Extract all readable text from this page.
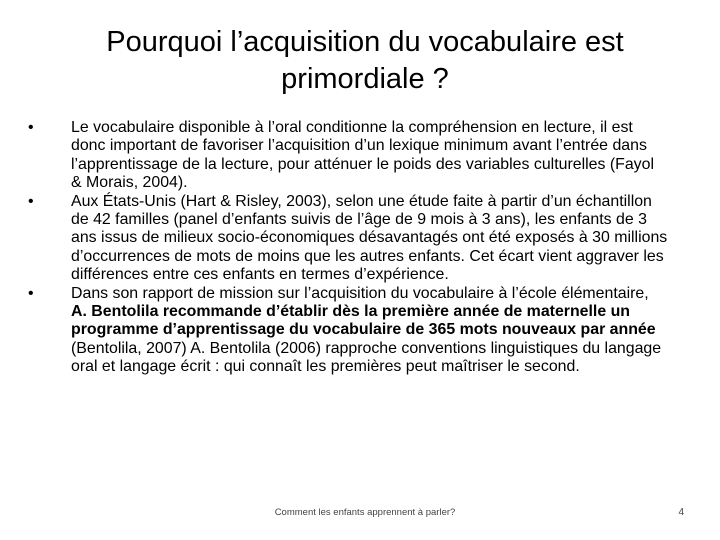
Pourquoi l’acquisition du vocabulaire est primordiale ?
•	Le vocabulaire disponible à l’oral conditionne la compréhension en lecture, il est donc important de favoriser l’acquisition d’un lexique minimum avant l’entrée dans l’apprentissage de la lecture, pour atténuer le poids des variables culturelles (Fayol & Morais, 2004).
•	Aux États-Unis (Hart & Risley, 2003), selon une étude faite à partir d’un échantillon de 42 familles (panel d’enfants suivis de l’âge de 9 mois à 3 ans), les enfants de 3 ans issus de milieux socio-économiques désavantagés ont été exposés à 30 millions d’occurrences de mots de moins que les autres enfants. Cet écart vient aggraver les différences entre ces enfants en termes d’expérience.
•	Dans son rapport de mission sur l’acquisition du vocabulaire à l’école élémentaire, A. Bentolila recommande d’établir dès la première année de maternelle un programme d’apprentissage du vocabulaire de 365 mots nouveaux par année (Bentolila, 2007) A. Bentolila (2006) rapproche conventions linguistiques du langage oral et langage écrit : qui connaît les premières peut maîtriser le second.
Comment les enfants apprennent à parler?	4
